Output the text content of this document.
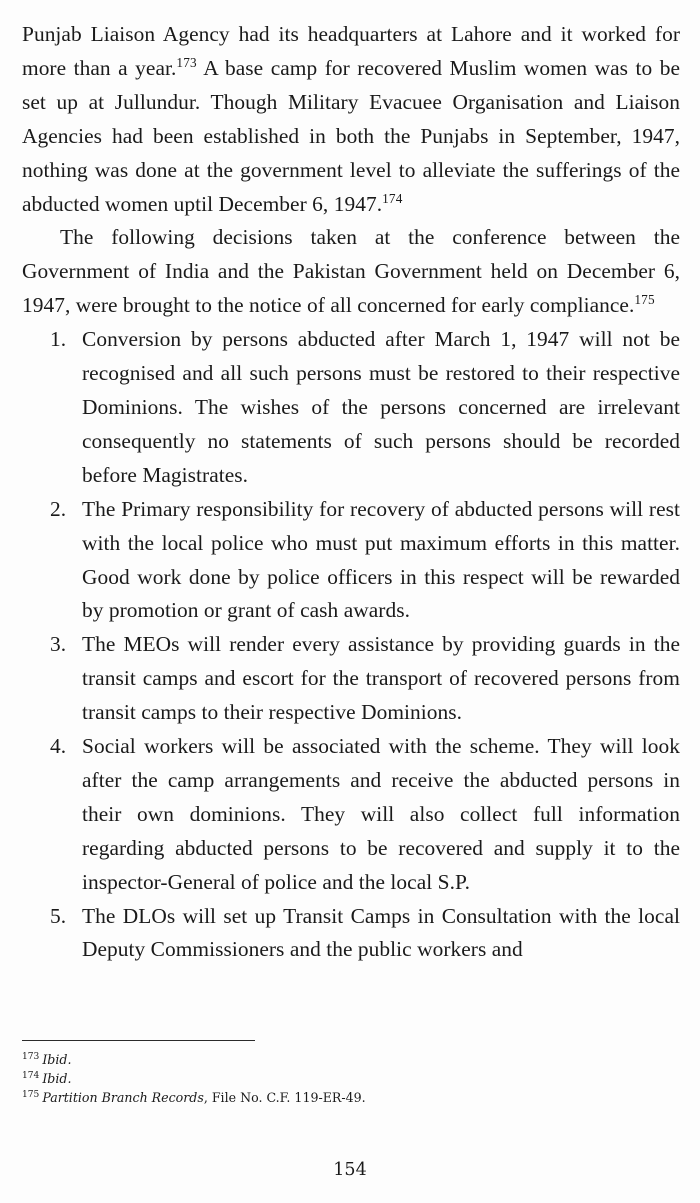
Punjab Liaison Agency had its headquarters at Lahore and it worked for more than a year.$^{173}$ A base camp for recovered Muslim women was to be set up at Jullundur. Though Military Evacuee Organisation and Liaison Agencies had been established in both the Punjabs in September, 1947, nothing was done at the government level to alleviate the sufferings of the abducted women uptil December 6, 1947.$^{174}$

The following decisions taken at the conference between the Government of India and the Pakistan Government held on December 6, 1947, were brought to the notice of all concerned for early compliance.$^{175}$

Conversion by persons abducted after March 1, 1947 will not be recognised and all such persons must be restored to their respective Dominions. The wishes of the persons concerned are irrelevant consequently no statements of such persons should be recorded before Magistrates.
The Primary responsibility for recovery of abducted persons will rest with the local police who must put maximum efforts in this matter. Good work done by police officers in this respect will be rewarded by promotion or grant of cash awards.
The MEOs will render every assistance by providing guards in the transit camps and escort for the transport of recovered persons from transit camps to their respective Dominions.
Social workers will be associated with the scheme. They will look after the camp arrangements and receive the abducted persons in their own dominions. They will also collect full information regarding abducted persons to be recovered and supply it to the inspector-General of police and the local S.P.
The DLOs will set up Transit Camps in Consultation with the local Deputy Commissioners and the public workers and
$^{173}$ Ibid.
$^{174}$ Ibid.
$^{175}$ Partition Branch Records, File No. C.F. 119-ER-49.
154
